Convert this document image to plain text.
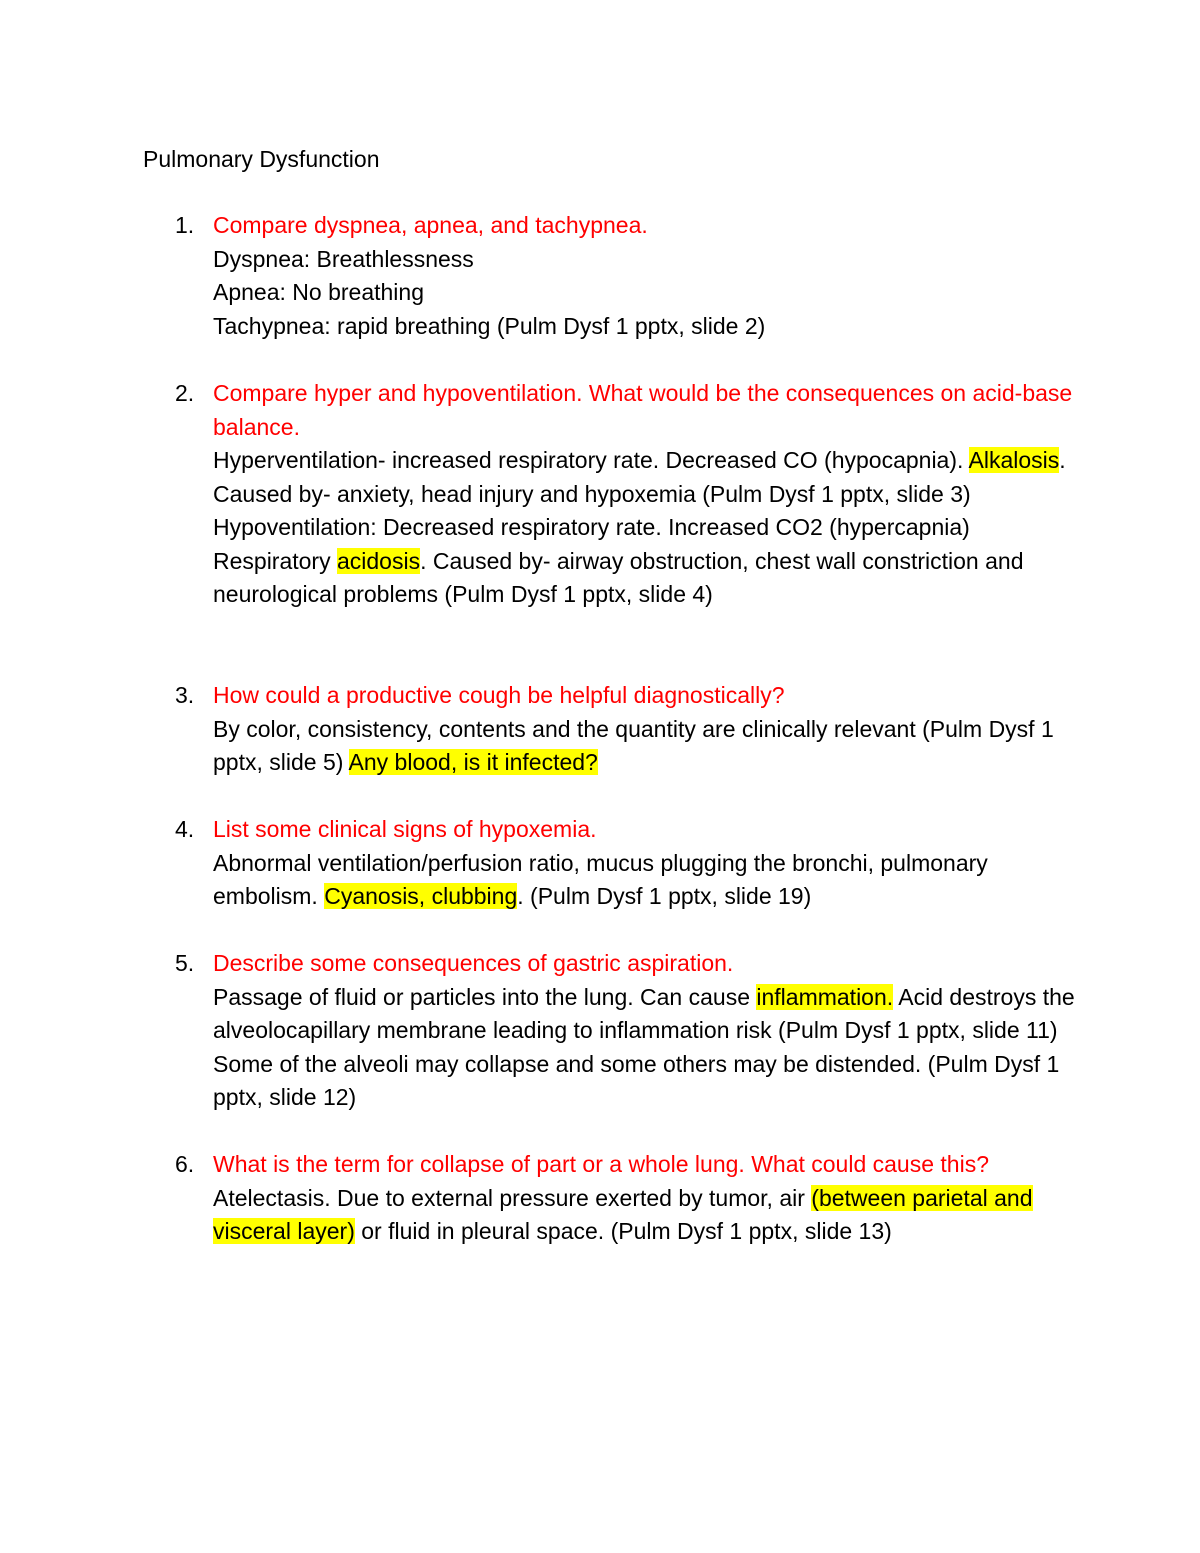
Pulmonary Dysfunction
1. Compare dyspnea, apnea, and tachypnea.
Dyspnea: Breathlessness
Apnea: No breathing
Tachypnea: rapid breathing (Pulm Dysf 1 pptx, slide 2)
2. Compare hyper and hypoventilation. What would be the consequences on acid-base balance.
Hyperventilation- increased respiratory rate. Decreased CO (hypocapnia). Alkalosis. Caused by- anxiety, head injury and hypoxemia (Pulm Dysf 1 pptx, slide 3)
Hypoventilation: Decreased respiratory rate. Increased CO2 (hypercapnia) Respiratory acidosis. Caused by- airway obstruction, chest wall constriction and neurological problems (Pulm Dysf 1 pptx, slide 4)
3. How could a productive cough be helpful diagnostically?
By color, consistency, contents and the quantity are clinically relevant (Pulm Dysf 1 pptx, slide 5) Any blood, is it infected?
4. List some clinical signs of hypoxemia.
Abnormal ventilation/perfusion ratio, mucus plugging the bronchi, pulmonary embolism. Cyanosis, clubbing. (Pulm Dysf 1 pptx, slide 19)
5. Describe some consequences of gastric aspiration.
Passage of fluid or particles into the lung. Can cause inflammation. Acid destroys the alveolocapillary membrane leading to inflammation risk (Pulm Dysf 1 pptx, slide 11) Some of the alveoli may collapse and some others may be distended. (Pulm Dysf 1 pptx, slide 12)
6. What is the term for collapse of part or a whole lung. What could cause this?
Atelectasis. Due to external pressure exerted by tumor, air (between parietal and visceral layer) or fluid in pleural space. (Pulm Dysf 1 pptx, slide 13)
